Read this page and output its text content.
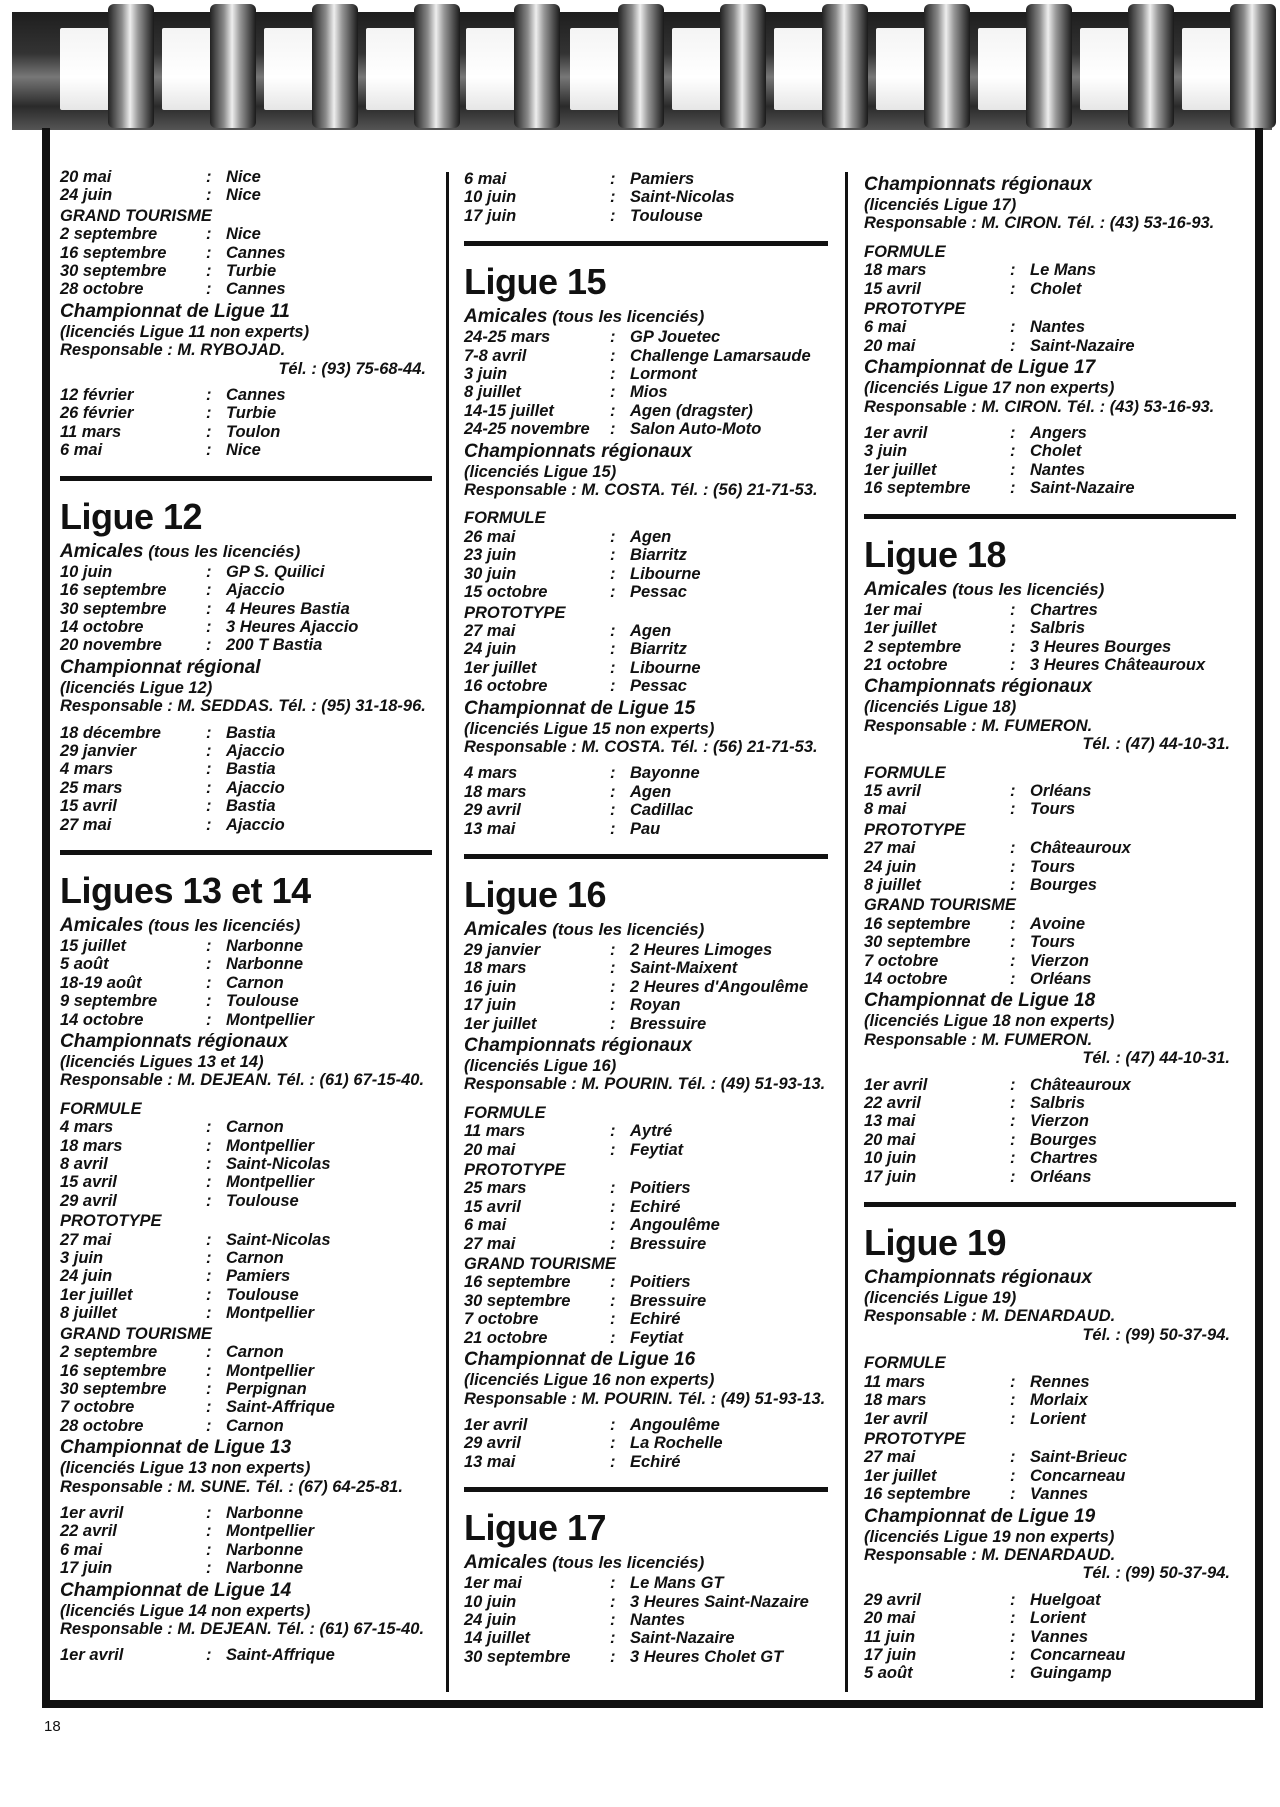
20 mai	: Nice
24 juin	: Nice
GRAND TOURISME
2 septembre	: Nice
16 septembre	: Cannes
30 septembre	: Turbie
28 octobre	: Cannes
Championnat de Ligue 11
(licenciés Ligue 11 non experts)
Responsable : M. RYBOJAD.
Tél. : (93) 75-68-44.
12 février	: Cannes
26 février	: Turbie
11 mars	: Toulon
6 mai	: Nice
Ligue 12
Amicales (tous les licenciés)
10 juin	: GP S. Quilici
16 septembre	: Ajaccio
30 septembre	: 4 Heures Bastia
14 octobre	: 3 Heures Ajaccio
20 novembre	: 200 T Bastia
Championnat régional
(licenciés Ligue 12)
Responsable : M. SEDDAS. Tél. : (95) 31-18-96.
18 décembre	: Bastia
29 janvier	: Ajaccio
4 mars	: Bastia
25 mars	: Ajaccio
15 avril	: Bastia
27 mai	: Ajaccio
Ligues 13 et 14
Amicales (tous les licenciés)
15 juillet	: Narbonne
5 août	: Narbonne
18-19 août	: Carnon
9 septembre	: Toulouse
14 octobre	: Montpellier
Championnats régionaux
(licenciés Ligues 13 et 14)
Responsable : M. DEJEAN. Tél. : (61) 67-15-40.
FORMULE
4 mars	: Carnon
18 mars	: Montpellier
8 avril	: Saint-Nicolas
15 avril	: Montpellier
29 avril	: Toulouse
PROTOTYPE
27 mai	: Saint-Nicolas
3 juin	: Carnon
24 juin	: Pamiers
1er juillet	: Toulouse
8 juillet	: Montpellier
GRAND TOURISME
2 septembre	: Carnon
16 septembre	: Montpellier
30 septembre	: Perpignan
7 octobre	: Saint-Affrique
28 octobre	: Carnon
Championnat de Ligue 13
(licenciés Ligue 13 non experts)
Responsable : M. SUNE. Tél. : (67) 64-25-81.
1er avril	: Narbonne
22 avril	: Montpellier
6 mai	: Narbonne
17 juin	: Narbonne
Championnat de Ligue 14
(licenciés Ligue 14 non experts)
Responsable : M. DEJEAN. Tél. : (61) 67-15-40.
1er avril	: Saint-Affrique
6 mai	: Pamiers
10 juin	: Saint-Nicolas
17 juin	: Toulouse
Ligue 15
Amicales (tous les licenciés)
24-25 mars	: GP Jouetec
7-8 avril	: Challenge Lamarsaude
3 juin	: Lormont
8 juillet	: Mios
14-15 juillet	: Agen (dragster)
24-25 novembre	: Salon Auto-Moto
Championnats régionaux
(licenciés Ligue 15)
Responsable : M. COSTA. Tél. : (56) 21-71-53.
FORMULE
26 mai	: Agen
23 juin	: Biarritz
30 juin	: Libourne
15 octobre	: Pessac
PROTOTYPE
27 mai	: Agen
24 juin	: Biarritz
1er juillet	: Libourne
16 octobre	: Pessac
Championnat de Ligue 15
(licenciés Ligue 15 non experts)
Responsable : M. COSTA. Tél. : (56) 21-71-53.
4 mars	: Bayonne
18 mars	: Agen
29 avril	: Cadillac
13 mai	: Pau
Ligue 16
Amicales (tous les licenciés)
29 janvier	: 2 Heures Limoges
18 mars	: Saint-Maixent
16 juin	: 2 Heures d'Angoulême
17 juin	: Royan
1er juillet	: Bressuire
Championnats régionaux
(licenciés Ligue 16)
Responsable : M. POURIN. Tél. : (49) 51-93-13.
FORMULE
11 mars	: Aytré
20 mai	: Feytiat
PROTOTYPE
25 mars	: Poitiers
15 avril	: Echiré
6 mai	: Angoulême
27 mai	: Bressuire
GRAND TOURISME
16 septembre	: Poitiers
30 septembre	: Bressuire
7 octobre	: Echiré
21 octobre	: Feytiat
Championnat de Ligue 16
(licenciés Ligue 16 non experts)
Responsable : M. POURIN. Tél. : (49) 51-93-13.
1er avril	: Angoulême
29 avril	: La Rochelle
13 mai	: Echiré
Ligue 17
Amicales (tous les licenciés)
1er mai	: Le Mans GT
10 juin	: 3 Heures Saint-Nazaire
24 juin	: Nantes
14 juillet	: Saint-Nazaire
30 septembre	: 3 Heures Cholet GT
Championnats régionaux
(licenciés Ligue 17)
Responsable : M. CIRON. Tél. : (43) 53-16-93.
FORMULE
18 mars	: Le Mans
15 avril	: Cholet
PROTOTYPE
6 mai	: Nantes
20 mai	: Saint-Nazaire
Championnat de Ligue 17
(licenciés Ligue 17 non experts)
Responsable : M. CIRON. Tél. : (43) 53-16-93.
1er avril	: Angers
3 juin	: Cholet
1er juillet	: Nantes
16 septembre	: Saint-Nazaire
Ligue 18
Amicales (tous les licenciés)
1er mai	: Chartres
1er juillet	: Salbris
2 septembre	: 3 Heures Bourges
21 octobre	: 3 Heures Châteauroux
Championnats régionaux
(licenciés Ligue 18)
Responsable : M. FUMERON.
Tél. : (47) 44-10-31.
FORMULE
15 avril	: Orléans
8 mai	: Tours
PROTOTYPE
27 mai	: Châteauroux
24 juin	: Tours
8 juillet	: Bourges
GRAND TOURISME
16 septembre	: Avoine
30 septembre	: Tours
7 octobre	: Vierzon
14 octobre	: Orléans
Championnat de Ligue 18
(licenciés Ligue 18 non experts)
Responsable : M. FUMERON.
Tél. : (47) 44-10-31.
1er avril	: Châteauroux
22 avril	: Salbris
13 mai	: Vierzon
20 mai	: Bourges
10 juin	: Chartres
17 juin	: Orléans
Ligue 19
Championnats régionaux
(licenciés Ligue 19)
Responsable : M. DENARDAUD.
Tél. : (99) 50-37-94.
FORMULE
11 mars	: Rennes
18 mars	: Morlaix
1er avril	: Lorient
PROTOTYPE
27 mai	: Saint-Brieuc
1er juillet	: Concarneau
16 septembre	: Vannes
Championnat de Ligue 19
(licenciés Ligue 19 non experts)
Responsable : M. DENARDAUD.
Tél. : (99) 50-37-94.
29 avril	: Huelgoat
20 mai	: Lorient
11 juin	: Vannes
17 juin	: Concarneau
5 août	: Guingamp
18
